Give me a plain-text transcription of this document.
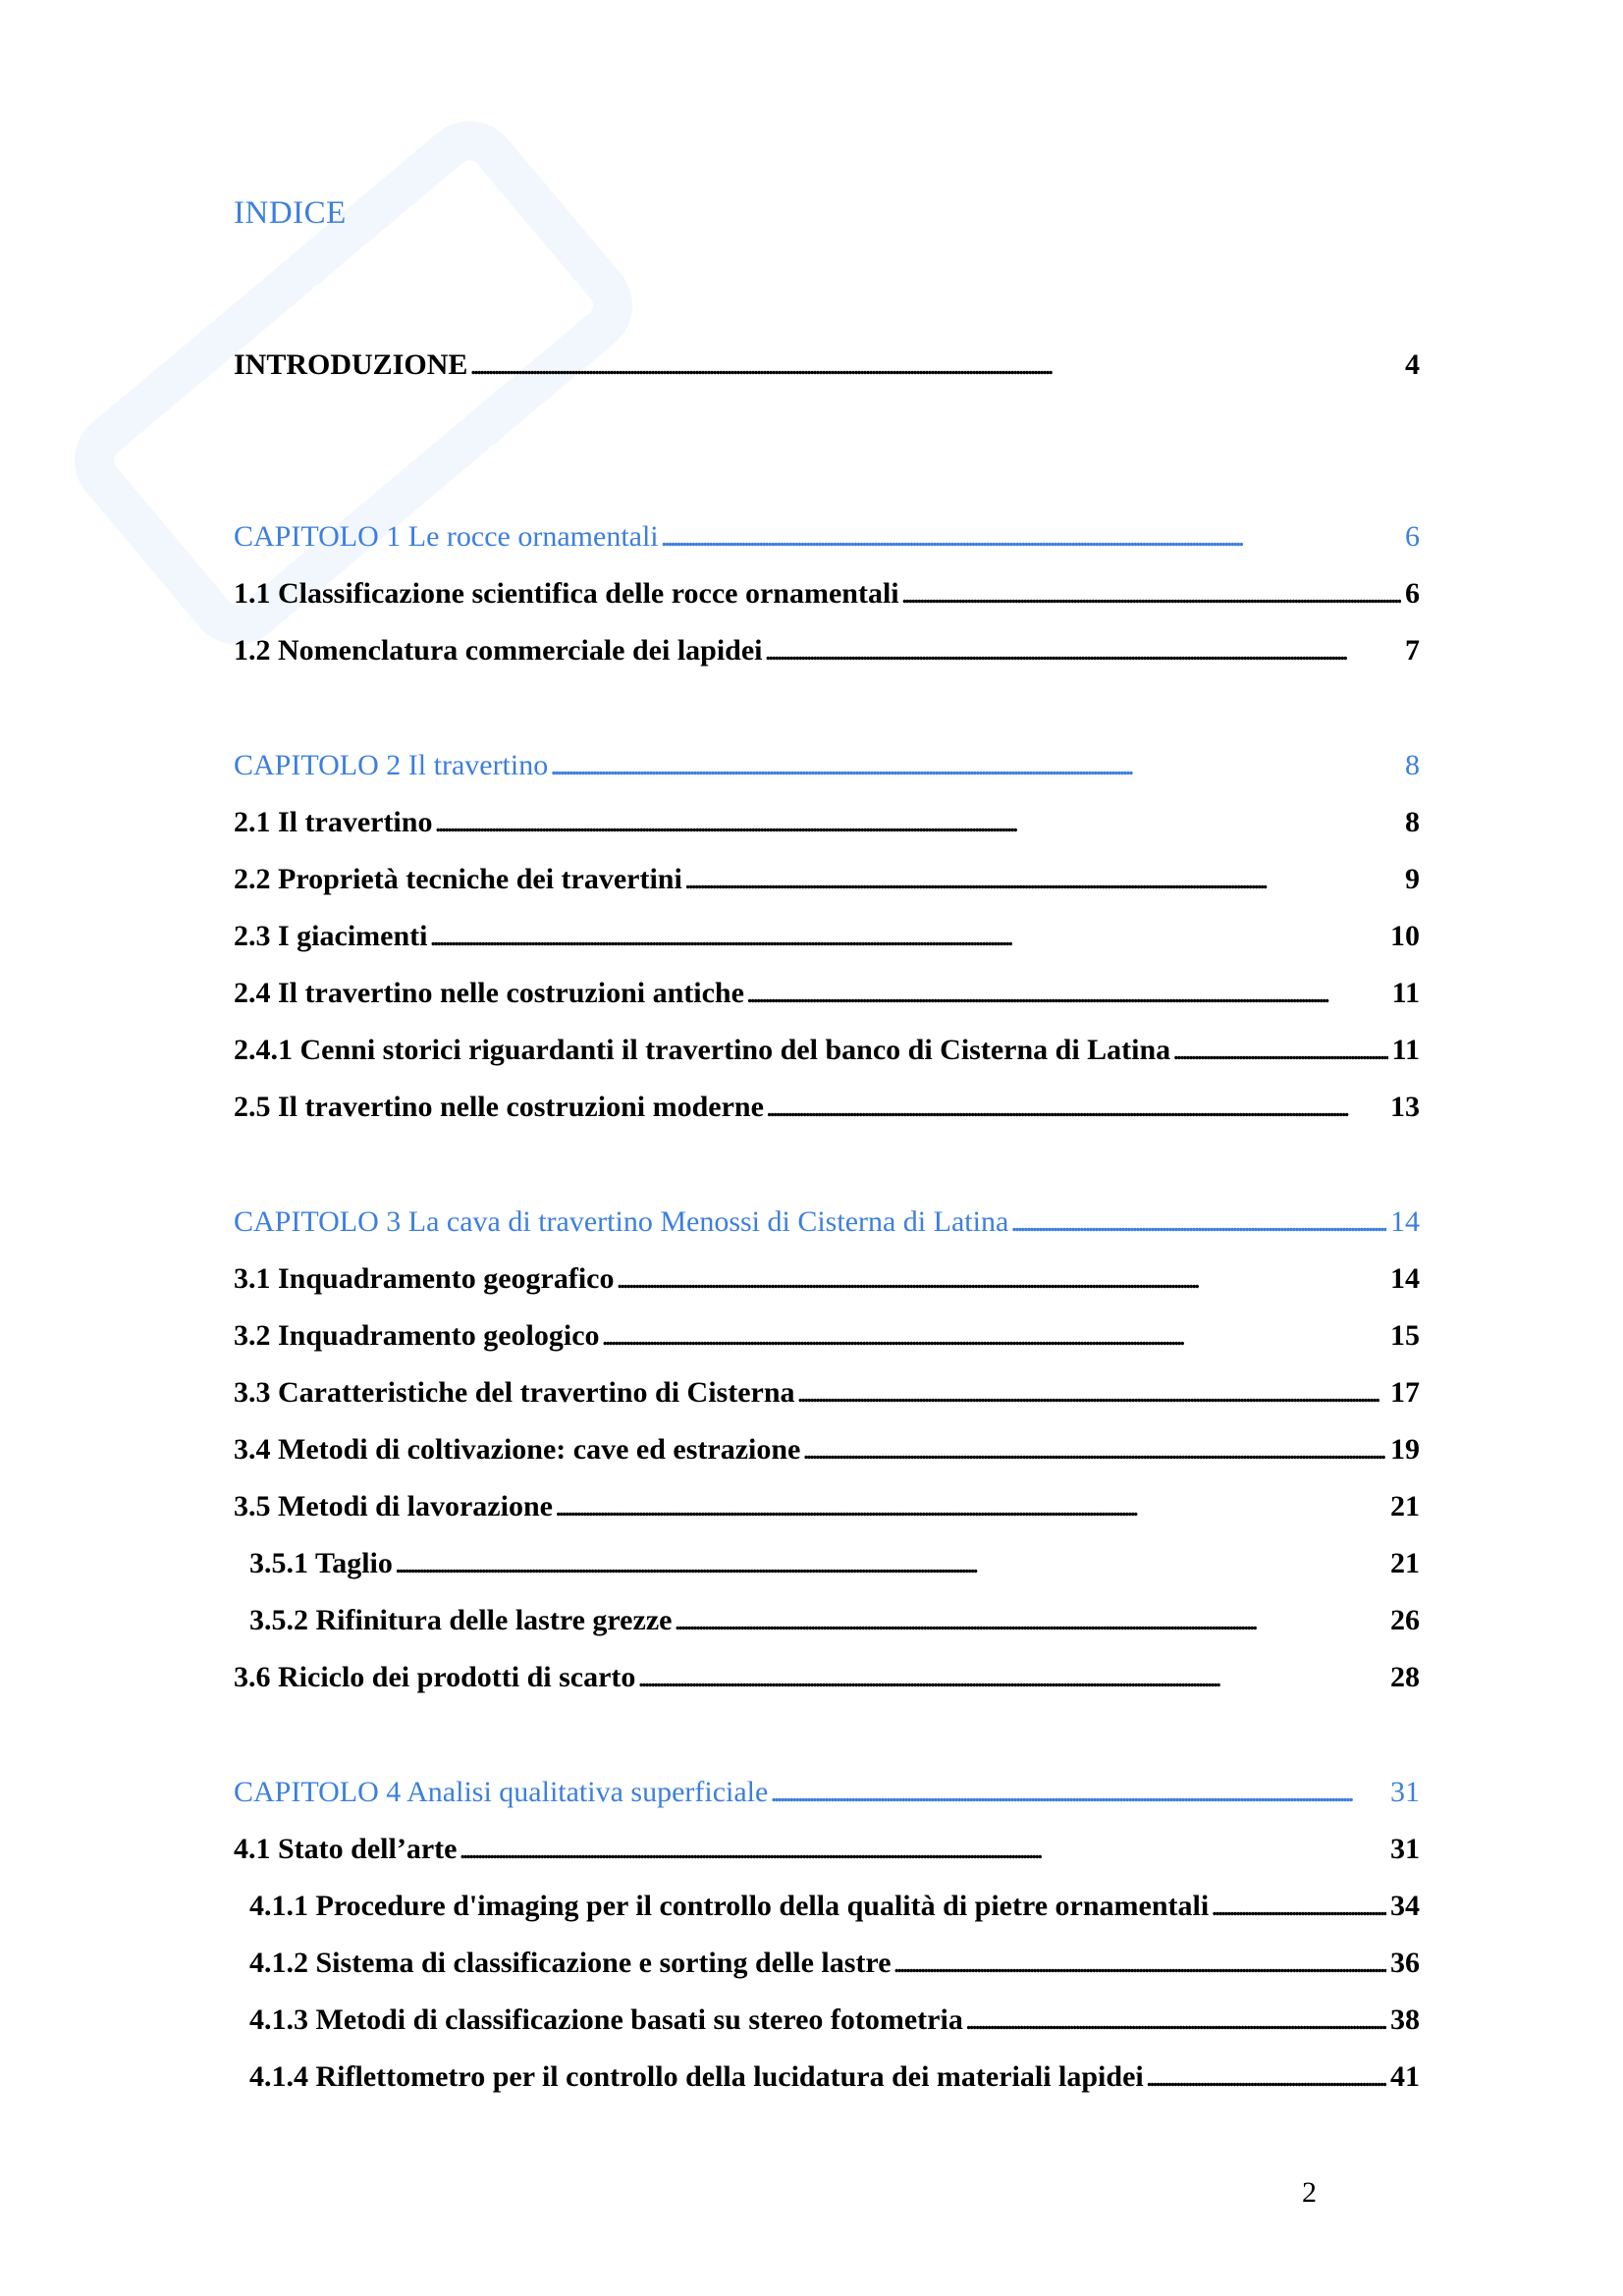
INDICE
INTRODUZIONE . . .	4
CAPITOLO 1 Le rocce ornamentali . . .	6
1.1 Classificazione scientifica delle rocce ornamentali . . .	6
1.2 Nomenclatura commerciale dei lapidei . . .	7
CAPITOLO 2 Il travertino . . .	8
2.1 Il travertino . . .	8
2.2 Proprietà tecniche dei travertini . . .	9
2.3 I giacimenti . . .	10
2.4 Il travertino nelle costruzioni antiche . . .	11
2.4.1 Cenni storici riguardanti il travertino del banco di Cisterna di Latina . . .	11
2.5 Il travertino nelle costruzioni moderne . . .	13
CAPITOLO 3 La cava di travertino Menossi di Cisterna di Latina . . .	14
3.1 Inquadramento geografico . . .	14
3.2 Inquadramento geologico . . .	15
3.3 Caratteristiche del travertino di Cisterna . . .	17
3.4 Metodi di coltivazione: cave ed estrazione . . .	19
3.5 Metodi di lavorazione . . .	21
3.5.1 Taglio . . .	21
3.5.2 Rifinitura delle lastre grezze . . .	26
3.6 Riciclo dei prodotti di scarto . . .	28
CAPITOLO 4 Analisi qualitativa superficiale . . .	31
4.1 Stato dell’arte . . .	31
4.1.1 Procedure d'imaging per il controllo della qualità di pietre ornamentali . . .	34
4.1.2 Sistema di classificazione e sorting delle lastre . . .	36
4.1.3 Metodi di classificazione basati su stereo fotometria . . .	38
4.1.4 Riflettometro per il controllo della lucidatura dei materiali lapidei . . .	41
2
